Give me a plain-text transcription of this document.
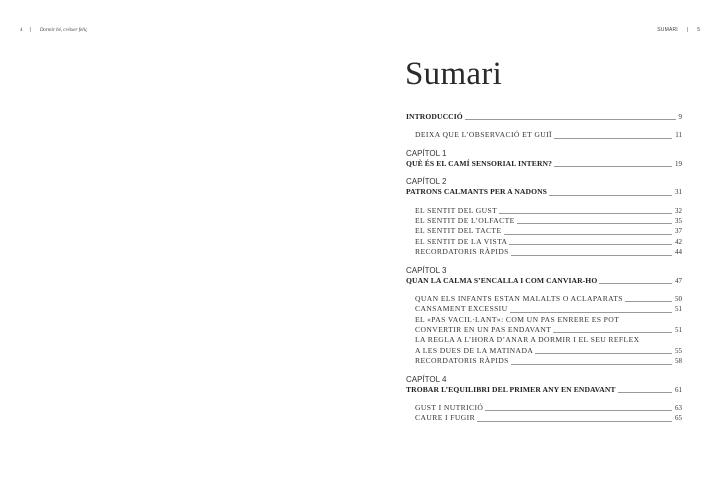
4 | Dormir bé, créixer feliç	SUMARI | 5
Sumari
INTRODUCCIÓ	9
DEIXA QUE L’OBSERVACIÓ ET GUIÏ	11
CAPÍTOL 1
QUÈ ÉS EL CAMÍ SENSORIAL INTERN?	19
CAPÍTOL 2
PATRONS CALMANTS PER A NADONS	31
EL SENTIT DEL GUST	32
EL SENTIT DE L’OLFACTE	35
EL SENTIT DEL TACTE	37
EL SENTIT DE LA VISTA	42
RECORDATORIS RÀPIDS	44
CAPÍTOL 3
QUAN LA CALMA S’ENCALLA I COM CANVIAR-HO	47
QUAN ELS INFANTS ESTAN MALALTS O ACLAPARATS	50
CANSAMENT EXCESSIU	51
EL «PAS VACIL·LANT»: COM UN PAS ENRERE ES POT
CONVERTIR EN UN PAS ENDAVANT	51
LA REGLA A L’HORA D’ANAR A DORMIR I EL SEU REFLEX
A LES DUES DE LA MATINADA	55
RECORDATORIS RÀPIDS	58
CAPÍTOL 4
TROBAR L’EQUILIBRI DEL PRIMER ANY EN ENDAVANT	61
GUST I NUTRICIÓ	63
CAURE I FUGIR	65
